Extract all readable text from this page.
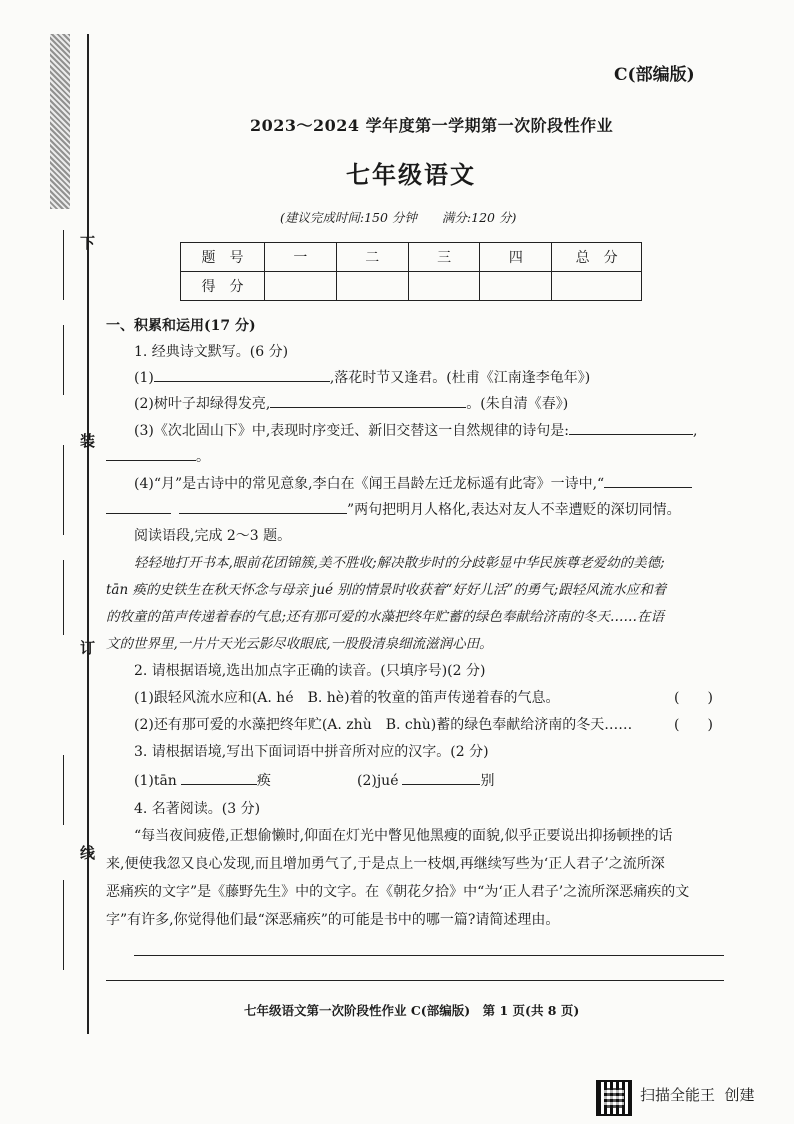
下
装
订
线
C(部编版)
2023～2024 学年度第一学期第一次阶段性作业
七年级语文
(建议完成时间:150 分钟　　满分:120 分)
题　号	一	二	三	四	总　分
得　分					
一、积累和运用(17 分)
1. 经典诗文默写。(6 分)
(1)	,落花时节又逢君。(杜甫《江南逢李龟年》)
(2)树叶子却绿得发亮,	。(朱自清《春》)
(3)《次北固山下》中,表现时序变迁、新旧交替这一自然规律的诗句是:	,
。
(4)“月”是古诗中的常见意象,李白在《闻王昌龄左迁龙标遥有此寄》一诗中,“
”两句把明月人格化,表达对友人不幸遭贬的深切同情。
阅读语段,完成 2～3 题。
轻轻地打开书本,眼前花团锦簇,美不胜收;解决散步时的分歧彰显中华民族尊老爱幼的美德;
tān 痪的史铁生在秋天怀念与母亲 jué 别的情景时收获着“好好儿活”的勇气;跟轻风流水应和着
的牧童的笛声传递着春的气息;还有那可爱的水藻把终年贮蓄的绿色奉献给济南的冬天……在语
文的世界里,一片片天光云影尽收眼底,一股股清泉细流滋润心田。
2. 请根据语境,选出加点字正确的读音。(只填序号)(2 分)
(1)跟轻风流水应和(A. hé　B. hè)着的牧童的笛声传递着春的气息。	(　　)
(2)还有那可爱的水藻把终年贮(A. zhù　B. chù)蓄的绿色奉献给济南的冬天……	(　　)
3. 请根据语境,写出下面词语中拼音所对应的汉字。(2 分)
(1)tān	痪	(2)jué	别
4. 名著阅读。(3 分)
“每当夜间疲倦,正想偷懒时,仰面在灯光中瞥见他黑瘦的面貌,似乎正要说出抑扬顿挫的话
来,便使我忽又良心发现,而且增加勇气了,于是点上一枝烟,再继续写些为‘正人君子’之流所深
恶痛疾的文字”是《藤野先生》中的文字。在《朝花夕拾》中“为‘正人君子’之流所深恶痛疾的文
字”有许多,你觉得他们最“深恶痛疾”的可能是书中的哪一篇?请简述理由。
七年级语文第一次阶段性作业 C(部编版)　第 1 页(共 8 页)
扫描全能王  创建
